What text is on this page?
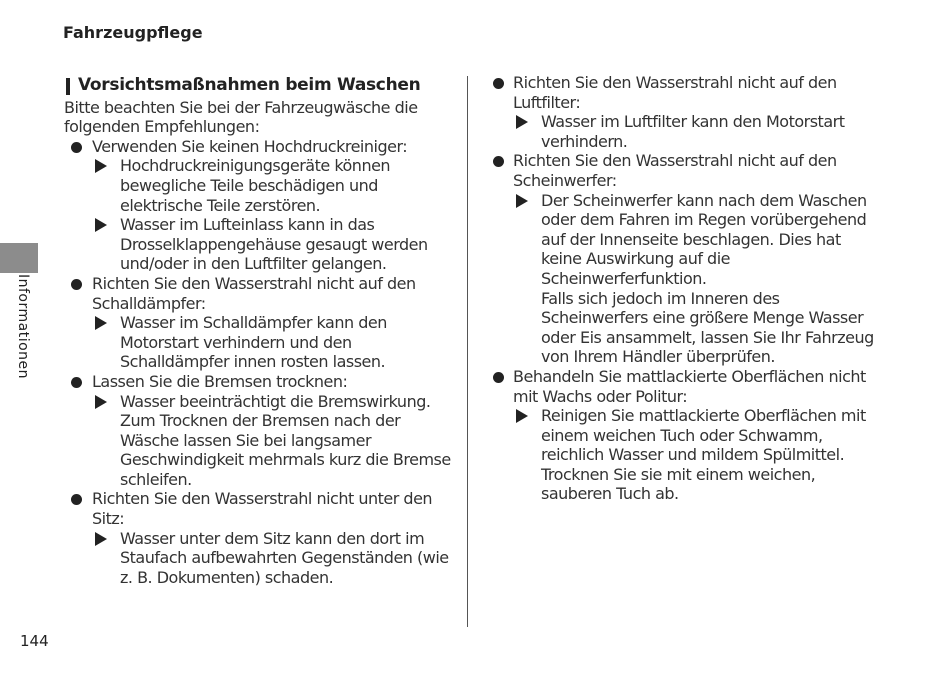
Fahrzeugpflege
Informationen
Vorsichtsmaßnahmen beim Waschen
Bitte beachten Sie bei der Fahrzeugwäsche die folgenden Empfehlungen:
Verwenden Sie keinen Hochdruckreiniger:
Hochdruckreinigungsgeräte können bewegliche Teile beschädigen und elektrische Teile zerstören.
Wasser im Lufteinlass kann in das Drosselklappengehäuse gesaugt werden und/oder in den Luftfilter gelangen.
Richten Sie den Wasserstrahl nicht auf den Schalldämpfer:
Wasser im Schalldämpfer kann den Motorstart verhindern und den Schalldämpfer innen rosten lassen.
Lassen Sie die Bremsen trocknen:
Wasser beeinträchtigt die Bremswirkung. Zum Trocknen der Bremsen nach der Wäsche lassen Sie bei langsamer Geschwindigkeit mehrmals kurz die Bremse schleifen.
Richten Sie den Wasserstrahl nicht unter den Sitz:
Wasser unter dem Sitz kann den dort im Staufach aufbewahrten Gegenständen (wie z. B. Dokumenten) schaden.
Richten Sie den Wasserstrahl nicht auf den Luftfilter:
Wasser im Luftfilter kann den Motorstart verhindern.
Richten Sie den Wasserstrahl nicht auf den Scheinwerfer:
Der Scheinwerfer kann nach dem Waschen oder dem Fahren im Regen vorübergehend auf der Innenseite beschlagen. Dies hat keine Auswirkung auf die Scheinwerferfunktion.
Falls sich jedoch im Inneren des Scheinwerfers eine größere Menge Wasser oder Eis ansammelt, lassen Sie Ihr Fahrzeug von Ihrem Händler überprüfen.
Behandeln Sie mattlackierte Oberflächen nicht mit Wachs oder Politur:
Reinigen Sie mattlackierte Oberflächen mit einem weichen Tuch oder Schwamm, reichlich Wasser und mildem Spülmittel. Trocknen Sie sie mit einem weichen, sauberen Tuch ab.
144
